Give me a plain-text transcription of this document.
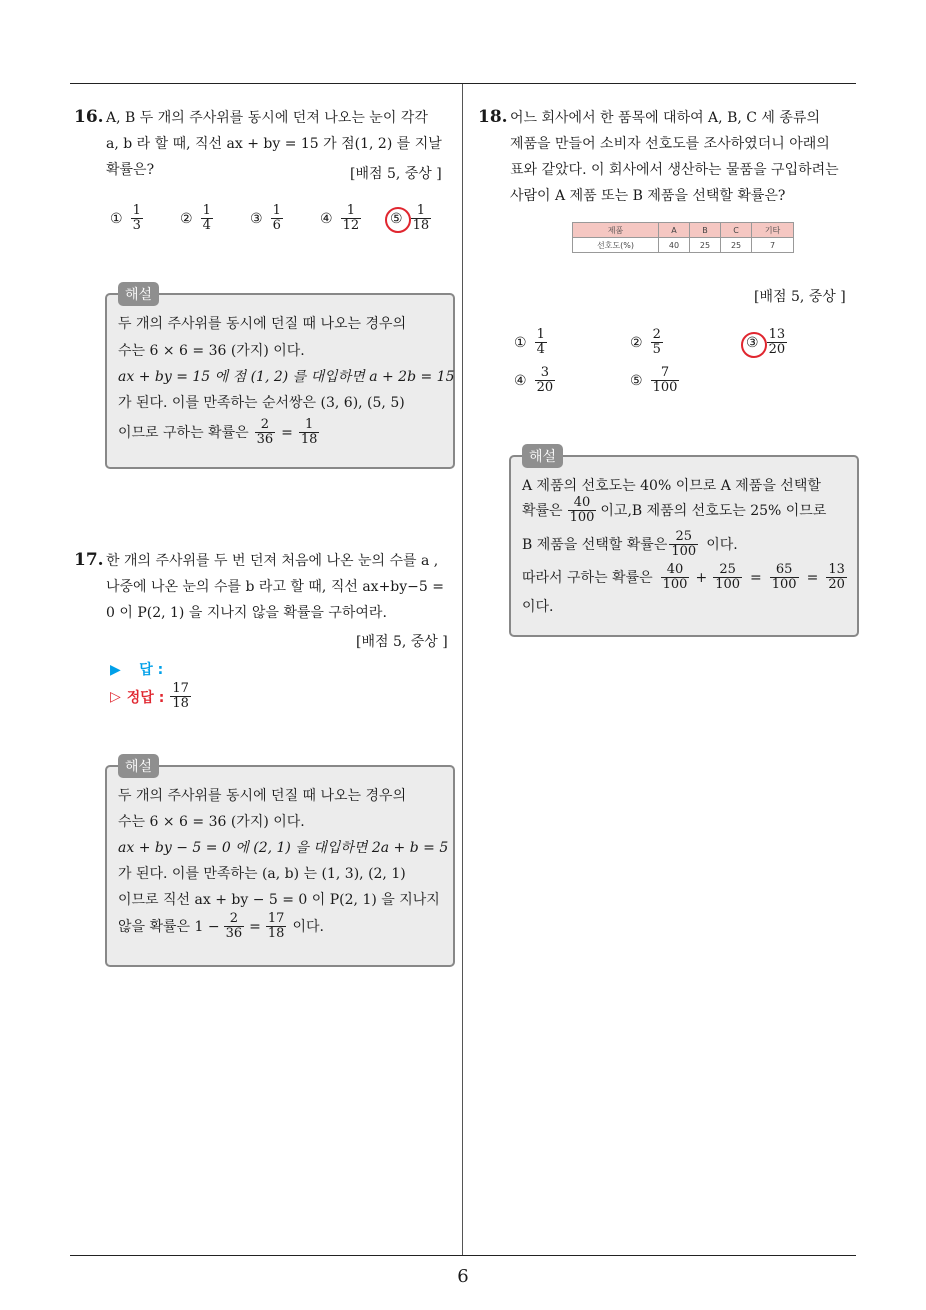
6
16. A, B 두 개의 주사위를 동시에 던져 나오는 눈이 각각
a, b 라 할 때, 직선 ax + by = 15 가 점(1, 2) 를 지날
확률은?	[배점 5, 중상 ]
① $\frac{1}{3}$	② $\frac{1}{4}$	③ $\frac{1}{6}$	④ $\frac{1}{12}$ ⑤ $\frac{1}{18}$
해설
두 개의 주사위를 동시에 던질 때 나오는 경우의
수는 6 × 6 = 36 (가지) 이다.
ax + by = 15 에 점 (1, 2) 를 대입하면 a + 2b = 15
가 된다. 이를 만족하는 순서쌍은 (3, 6), (5, 5)
이므로 구하는 확률은 $\frac{2}{36} = \frac{1}{18}$
17. 한 개의 주사위를 두 번 던져 처음에 나온 눈의 수를 a ,
나중에 나온 눈의 수를 b 라고 할 때, 직선 ax+by−5 =
0 이 P(2, 1) 을 지나지 않을 확률을 구하여라.
[배점 5, 중상 ]
▶ 답 :
▷ 정답 : $\frac{17}{18}$
해설
두 개의 주사위를 동시에 던질 때 나오는 경우의
수는 6 × 6 = 36 (가지) 이다.
ax + by − 5 = 0 에 (2, 1) 을 대입하면 2a + b = 5
가 된다. 이를 만족하는 (a, b) 는 (1, 3), (2, 1)
이므로 직선 ax + by − 5 = 0 이 P(2, 1) 을 지나지
않을 확률은 $1 - \frac{2}{36} = \frac{17}{18}$ 이다.
18. 어느 회사에서 한 품목에 대하여 A, B, C 세 종류의
제품을 만들어 소비자 선호도를 조사하였더니 아래의
표와 같았다. 이 회사에서 생산하는 물품을 구입하려는
사람이 A 제품 또는 B 제품을 선택할 확률은?
제품	A	B	C	기타
선호도(%)	40	25	25	7
[배점 5, 중상 ]
① $\frac{1}{4}$	② $\frac{2}{5}$	③ $\frac{13}{20}$
④ $\frac{3}{20}$	⑤ $\frac{7}{100}$
해설
A 제품의 선호도는 40% 이므로 A 제품을 선택할
확률은 $\frac{40}{100}$ 이고,B 제품의 선호도는 25% 이므로
B 제품을 선택할 확률은 $\frac{25}{100}$ 이다.
따라서 구하는 확률은 $\frac{40}{100} + \frac{25}{100} = \frac{65}{100} = \frac{13}{20}$
이다.
